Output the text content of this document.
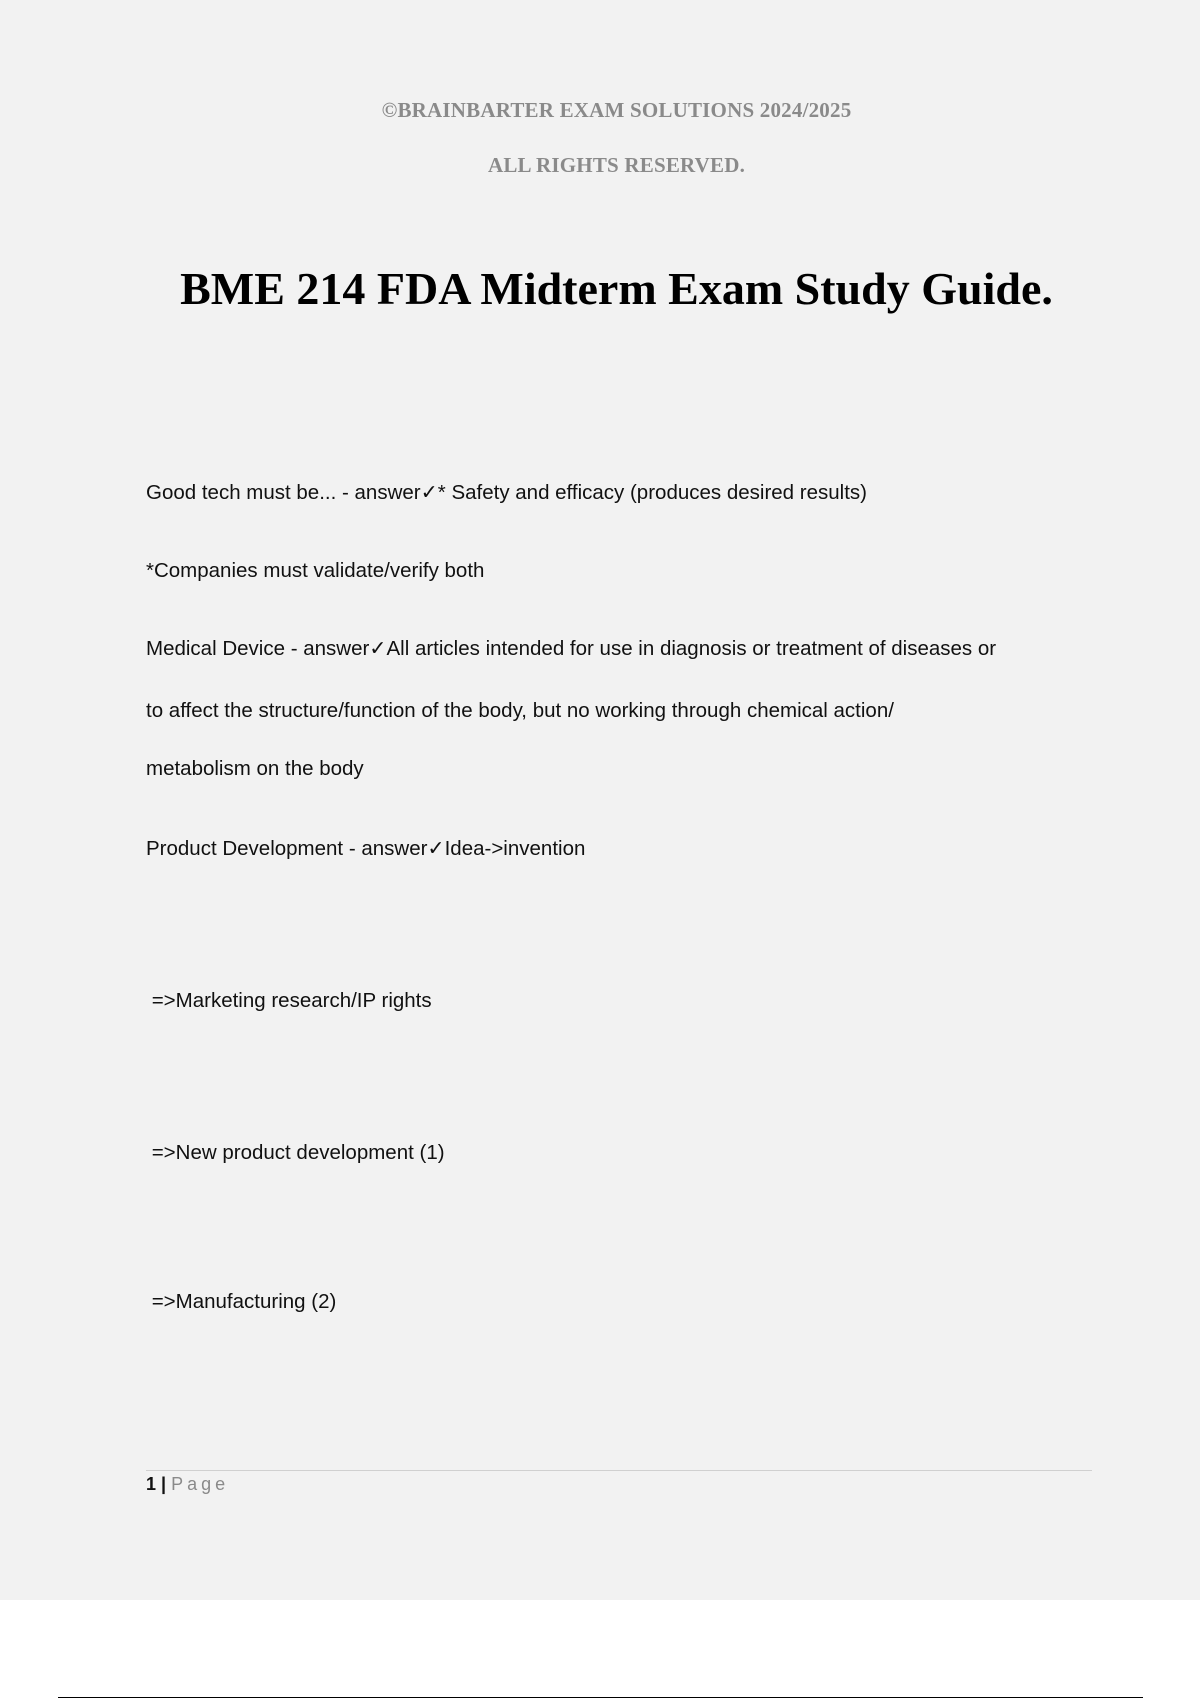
©BRAINBARTER EXAM SOLUTIONS 2024/2025
ALL RIGHTS RESERVED.
BME 214 FDA Midterm Exam Study Guide.
Good tech must be... - answer✓* Safety and efficacy (produces desired results)
*Companies must validate/verify both
Medical Device - answer✓All articles intended for use in diagnosis or treatment of diseases or
to affect the structure/function of the body, but no working through chemical action/
metabolism on the body
Product Development - answer✓Idea->invention
=>Marketing research/IP rights
=>New product development (1)
=>Manufacturing (2)
1 | Page
